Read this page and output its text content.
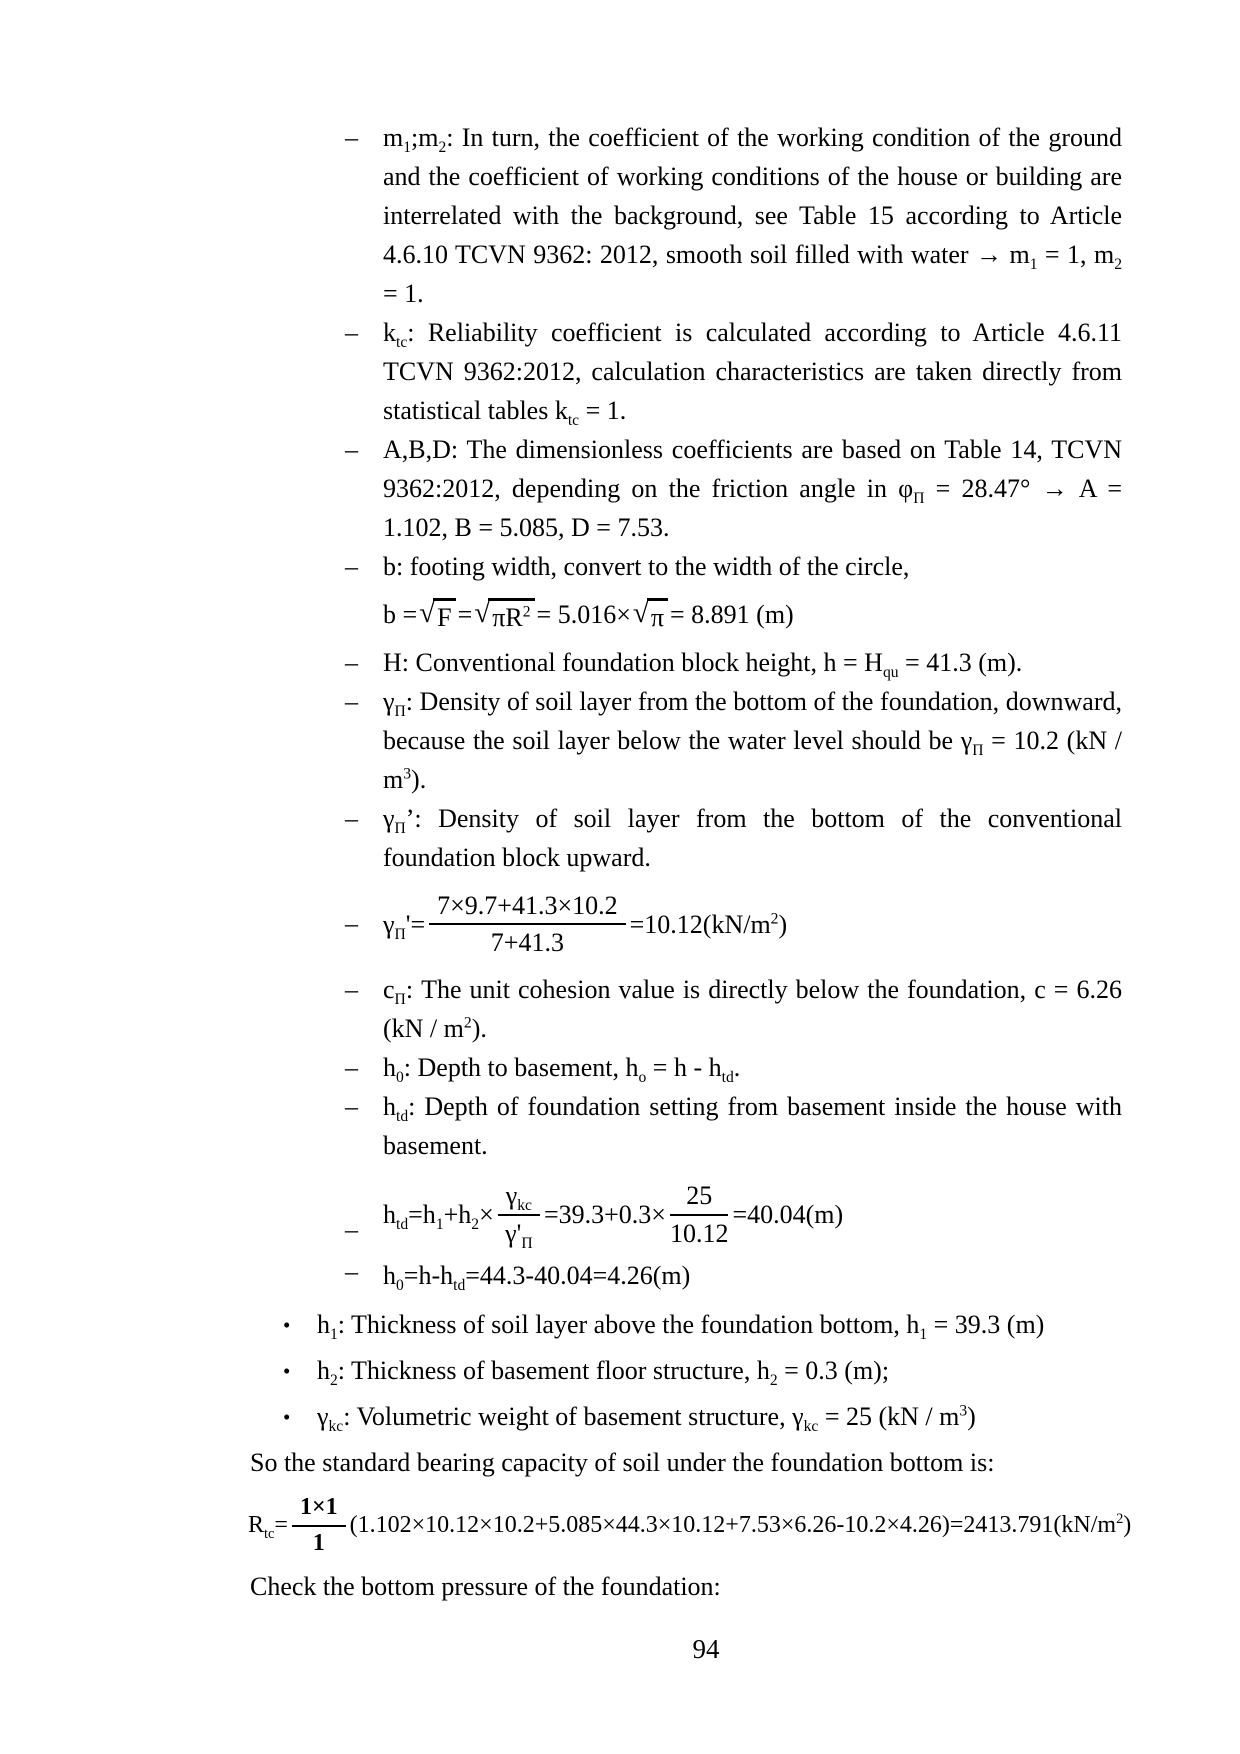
– $m_1;m_2$: In turn, the coefficient of the working condition of the ground and the coefficient of working conditions of the house or building are interrelated with the background, see Table 15 according to Article 4.6.10 TCVN 9362: 2012, smooth soil filled with water → $m_1 = 1$, $m_2 = 1$.
– $k_{tc}$: Reliability coefficient is calculated according to Article 4.6.11 TCVN 9362:2012, calculation characteristics are taken directly from statistical tables $k_{tc} = 1$.
– A,B,D: The dimensionless coefficients are based on Table 14, TCVN 9362:2012, depending on the friction angle in $\varphi_\Pi = 28.47^\circ \to A = 1.102$, B = 5.085, D = 7.53.
– b: footing width, convert to the width of the circle,
b = √ F = √ $\pi R^2 = 5.016\times$ √ π = 8.891 (m)
– H: Conventional foundation block height, $h = H_{qu} = 41.3$ (m).
– $\gamma_\Pi$: Density of soil layer from the bottom of the foundation, downward, because the soil layer below the water level should be $\gamma_\Pi = 10.2$ $(kN / m^3)$.
– $\gamma_\Pi$’: Density of soil layer from the bottom of the conventional foundation block upward.
– $\gamma_\Pi'= \frac{7\times 9.7+41.3\times 10.2}{7+41.3} =10.12(kN/m^2)$
– $c_\Pi$: The unit cohesion value is directly below the foundation, c = 6.26 $(kN / m^2)$.
– $h_0$: Depth to basement, $h_o = h - h_{td}$.
– $h_{td}$: Depth of foundation setting from basement inside the house with basement.
–
$h_{td}=h_1+h_2\times \frac{\gamma_{kc}}{\gamma'_\Pi} =39.3+0.3\times \frac{25}{10.12} =40.04(m)$
– $h_0=h-h_{td}=44.3-40.04=4.26(m)$
• $h_1$: Thickness of soil layer above the foundation bottom, $h_1 = 39.3$ (m)
• $h_2$: Thickness of basement floor structure, $h_2 = 0.3$ (m);
• $\gamma_{kc}$: Volumetric weight of basement structure, $\gamma_{kc} = 25$ $(kN / m^3)$

So the standard bearing capacity of soil under the foundation bottom is:

$R_{tc}= \frac{1\times 1}{1} (1.102\times 10.12\times 10.2+5.085\times 44.3\times 10.12+7.53\times 6.26-10.2\times 4.26)=2413.791(kN/m^2)$

Check the bottom pressure of the foundation:

94
